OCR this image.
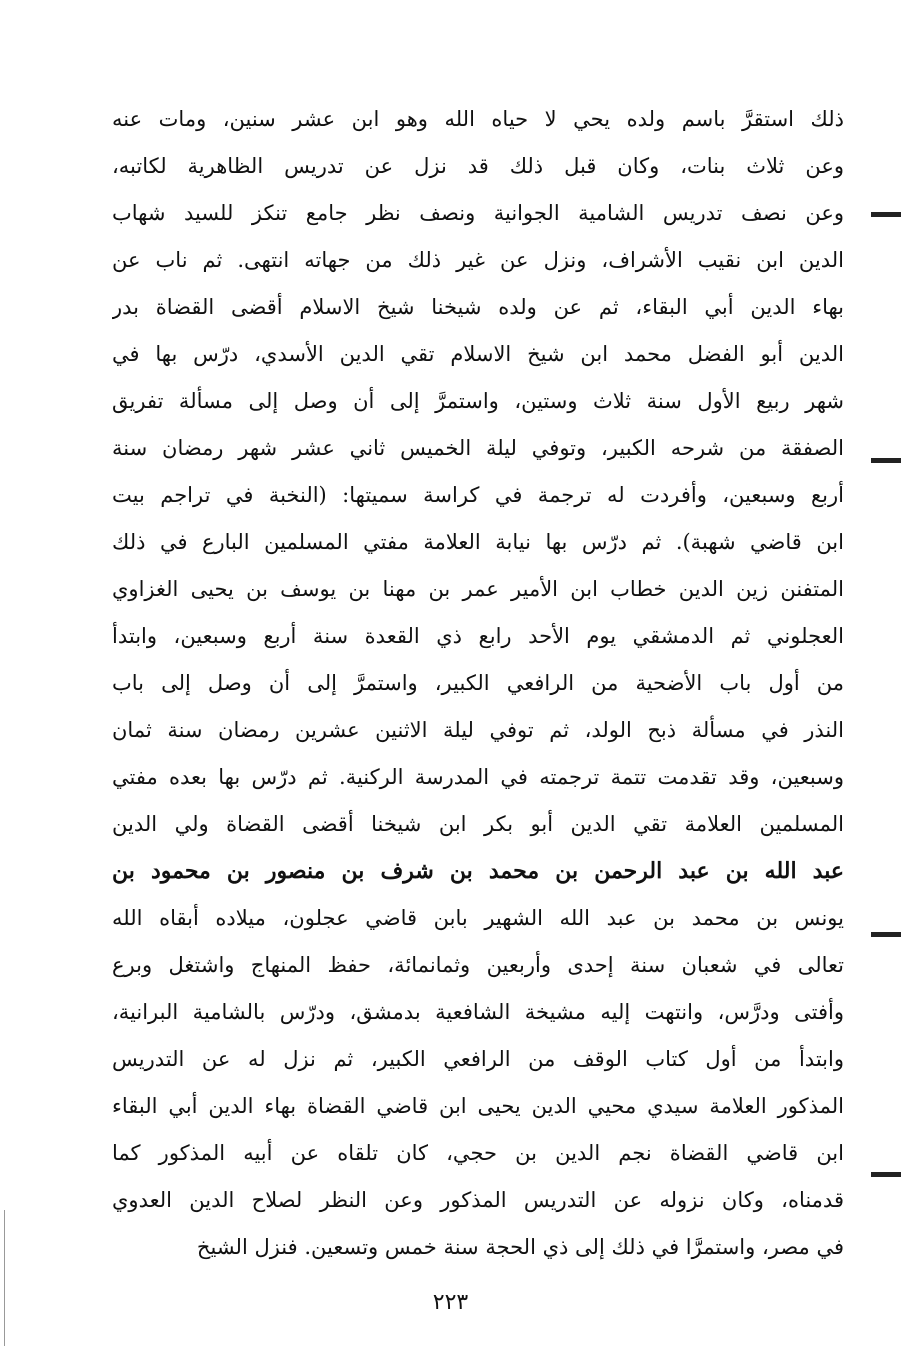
ذلك استقرَّ باسم ولده يحي لا حياه الله وهو ابن عشر سنين، ومات عنه
وعن ثلاث بنات، وكان قبل ذلك قد نزل عن تدريس الظاهرية لكاتبه،
وعن نصف تدريس الشامية الجوانية ونصف نظر جامع تنكز للسيد شهاب
الدين ابن نقيب الأشراف، ونزل عن غير ذلك من جهاته انتهى. ثم ناب عن
بهاء الدين أبي البقاء، ثم عن ولده شيخنا شيخ الاسلام أقضى القضاة بدر
الدين أبو الفضل محمد ابن شيخ الاسلام تقي الدين الأسدي، درّس بها في
شهر ربيع الأول سنة ثلاث وستين، واستمرَّ إلى أن وصل إلى مسألة تفريق
الصفقة من شرحه الكبير، وتوفي ليلة الخميس ثاني عشر شهر رمضان سنة
أربع وسبعين، وأفردت له ترجمة في كراسة سميتها: (النخبة في تراجم بيت
ابن قاضي شهبة). ثم درّس بها نيابة العلامة مفتي المسلمين البارع في ذلك
المتفنن زين الدين خطاب ابن الأمير عمر بن مهنا بن يوسف بن يحيى الغزاوي
العجلوني ثم الدمشقي يوم الأحد رابع ذي القعدة سنة أربع وسبعين، وابتدأ
من أول باب الأضحية من الرافعي الكبير، واستمرَّ إلى أن وصل إلى باب
النذر في مسألة ذبح الولد، ثم توفي ليلة الاثنين عشرين رمضان سنة ثمان
وسبعين، وقد تقدمت تتمة ترجمته في المدرسة الركنية. ثم درّس بها بعده مفتي
المسلمين العلامة تقي الدين أبو بكر ابن شيخنا أقضى القضاة ولي الدين
عبد الله بن عبد الرحمن بن محمد بن شرف بن منصور بن محمود بن
يونس بن محمد بن عبد الله الشهير بابن قاضي عجلون، ميلاده أبقاه الله
تعالى في شعبان سنة إحدى وأربعين وثمانمائة، حفظ المنهاج واشتغل وبرع
وأفتى ودرَّس، وانتهت إليه مشيخة الشافعية بدمشق، ودرّس بالشامية البرانية،
وابتدأ من أول كتاب الوقف من الرافعي الكبير، ثم نزل له عن التدريس
المذكور العلامة سيدي محيي الدين يحيى ابن قاضي القضاة بهاء الدين أبي البقاء
ابن قاضي القضاة نجم الدين بن حجي، كان تلقاه عن أبيه المذكور كما
قدمناه، وكان نزوله عن التدريس المذكور وعن النظر لصلاح الدين العدوي
في مصر، واستمرَّا في ذلك إلى ذي الحجة سنة خمس وتسعين. فنزل الشيخ
٢٢٣
